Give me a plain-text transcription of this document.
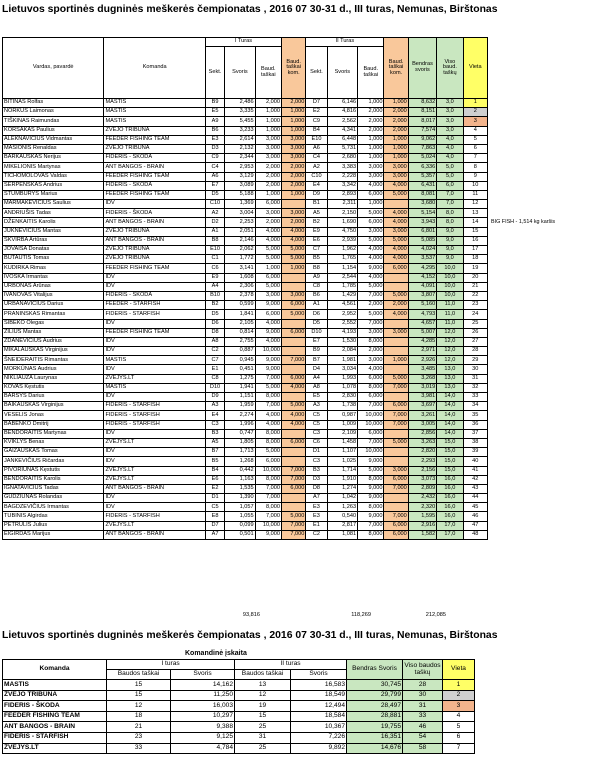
Lietuvos sportinės dugninės meškerės čempionatas , 2016 07 30-31 d., III turas, Nemunas, Birštonas
Vardas, pavardė	Komanda	I Turas			Baud. taškai kom.	II Turas			Baud. taškai kom.	Bendras svoris	Viso baud. taškų	Vieta
		Sekt.	Svoris	Baud. taškai		Sekt.	Svoris	Baud. taškai				
BITINAS Rolfas	MASTIS	B9	2,486	2,000	2,000	D7	6,146	1,000	1,000	8,632	3,0	1
NORKUS Laimonas	MASTIS	E5	3,335	1,000	1,000	E2	4,816	2,000	2,000	8,151	3,0	2
TIŠKINAS Raimundas	MASTIS	A9	5,455	1,000	1,000	C9	2,562	2,000	2,000	8,017	3,0	3
KORSAKAS Paulius	ŽVEJO TRIBŪNA	B6	3,233	1,000	1,000	B4	4,341	2,000	2,000	7,574	3,0	4
ALEKNAVIČIUS Vidmantas	FEEDER FISHING TEAM	E3	2,614	3,000	3,000	E10	6,448	1,000	1,000	9,062	4,0	5
MASIONIS Renaldas	ŽVEJO TRIBŪNA	D3	2,132	3,000	3,000	A6	5,731	1,000	1,000	7,863	4,0	6
BARKAUSKAS Nerijus	FIDERIS - ŠKODA	C9	2,344	3,000	3,000	C4	2,680	1,000	1,000	5,024	4,0	7
MIKELIONIS Martynas	ANT BANGOS - BRAIN	C4	2,953	2,000	2,000	A2	3,383	3,000	3,000	6,336	5,0	8
TICHOMOLOVAS Valdas	FEEDER FISHING TEAM	A6	3,129	2,000	2,000	C10	2,228	3,000	3,000	5,357	5,0	9
ŠERPENSKAS Andrius	FIDERIS - ŠKODA	E7	3,089	2,000	2,000	E4	3,342	4,000	4,000	6,431	6,0	10
STUMBURYS Marius	FEEDER FISHING TEAM	D5	5,188	1,000	1,000	D9	2,893	6,000	5,000	8,081	7,0	11
MARMAKEVIČIUS Saulius	IDV	C10	1,369	6,000		B1	2,311	1,000		3,680	7,0	12
ANDRIUŠIS Tadas	FIDERIS - ŠKODA	A2	3,004	3,000	3,000	A5	2,150	5,000	4,000	5,154	8,0	13
DŽENKAITIS Karolis	ANT BANGOS - BRAIN	D2	2,253	2,000	2,000	B2	1,690	6,000	4,000	3,943	8,0	14
JUKNEVIČIUS Mantas	ŽVEJO TRIBŪNA	A1	2,051	4,000	4,000	E9	4,750	3,000	3,000	6,801	9,0	15
SKVIRBA Artūras	ANT BANGOS - BRAIN	B8	2,146	4,000	4,000	E6	2,939	5,000	5,000	5,085	9,0	16
JOVAIŠA Donatas	ŽVEJO TRIBŪNA	E10	2,062	5,000	5,000	C7	1,962	4,000	4,000	4,024	9,0	17
BUTAUTIS Tomas	ŽVEJO TRIBŪNA	C1	1,772	5,000	5,000	B5	1,765	4,000	4,000	3,537	9,0	18
KUDIRKA Rimas	FEEDER FISHING TEAM	C6	3,141	1,000	1,000	B8	1,154	9,000	6,000	4,295	10,0	19
IVOŠKA Irmantas	IDV	E9	1,608	6,000		A9	2,544	4,000		4,152	10,0	20
URBONAS Arūnas	IDV	A4	2,306	5,000		C8	1,785	5,000		4,091	10,0	21
IVANOVAS Vitalijus	FIDERIS - ŠKODA	B10	2,378	3,000	3,000	B6	1,429	7,000	5,000	3,807	10,0	22
URBANAVIČIUS Darius	FEEDER - STARFISH	B2	0,599	9,000	6,000	A1	4,561	2,000	2,000	5,160	11,0	23
PRANINSKAS Rimantas	FIDERIS - STARFISH	D5	1,841	6,000	5,000	D6	2,952	5,000	4,000	4,793	11,0	24
ŠIBEKO Olegas	IDV	D6	2,105	4,000		D5	2,552	7,000		4,657	11,0	25
ŽILIUS Mantas	FEEDER FISHING TEAM	D8	0,814	9,000	6,000	D10	4,193	3,000	3,000	5,007	12,0	26
ZDANEVIČIUS Audrius	IDV	A8	2,755	4,000		E7	1,530	8,000		4,285	12,0	27
MIKALAUSKAS Virginijus	IDV	C2	0,887	10,000		B9	2,084	2,000		2,971	12,0	28
ŠNEIDERAITIS Rimantas	MASTIS	C7	0,945	9,000	7,000	B7	1,981	3,000	1,000	2,926	12,0	29
MORKŪNAS Audrius	IDV	E1	0,451	9,000		D4	3,034	4,000		3,485	13,0	30
NIKLIAUZA Laurynas	ŽVEJYS.LT	C8	1,275	7,000	6,000	A4	1,993	6,000	5,000	3,268	13,0	31
KOVAS Kęstutis	MASTIS	D10	1,941	5,000	4,000	A8	1,078	8,000	7,000	3,019	13,0	32
BARŠYS Darius	IDV	D9	1,151	8,000		E5	2,830	6,000		3,981	14,0	33
BAIKAUSKAS Virginijus	FIDERIS - STARFISH	A3	1,959	7,000	5,000	A3	1,738	7,000	6,000	3,697	14,0	34
VESELIS Jonas	FIDERIS - STARFISH	E4	2,274	4,000	4,000	C5	0,987	10,000	7,000	3,261	14,0	35
BABENKO Dmitrij	FIDERIS - STARFISH	C3	1,996	4,000	4,000	C5	1,009	10,000	7,000	3,005	14,0	36
BENDORAITIS Martynas	IDV	B3	0,747	8,000		C3	2,109	6,000		2,856	14,0	37
KVIKLYS Benas	ŽVEJYS.LT	A5	1,805	8,000	6,000	C6	1,458	7,000	5,000	3,263	15,0	38
GAIŽAUSKAS Tomas	IDV	B7	1,713	5,000		D1	1,107	10,000		2,820	15,0	39
JANKEVIČIUS Ričardas	IDV	B5	1,268	6,000		C3	1,025	9,000		2,293	15,0	40
PIVORIŪNAS Kęstutis	ŽVEJYS.LT	B4	0,442	10,000	7,000	B3	1,714	5,000	3,000	2,156	15,0	41
BENDORAITIS Karolis	ŽVEJYS.LT	E6	1,163	8,000	7,000	D3	1,910	8,000	6,000	3,073	16,0	42
IGNATAVIČIUS Tadas	ANT BANGOS - BRAIN	E2	1,535	7,000	6,000	D8	1,274	9,000	7,000	2,809	16,0	43
GUDŽIŪNAS Rolandas	IDV	D1	1,390	7,000		A7	1,042	9,000		2,432	16,0	44
BAGDZEVIČIUS Irmantas	IDV	C5	1,057	8,000		E3	1,263	8,000		2,320	16,0	45
TUBINIS Algirdas	FIDERIS - STARFISH	E8	1,055	7,000	5,000	E3	0,540	9,000	7,000	1,595	16,0	46
PETRULIS Julius	ŽVEJYS.LT	D7	0,099	10,000	7,000	E1	2,817	7,000	6,000	2,916	17,0	47
EIGIRDAS Marijus	ANT BANGOS - BRAIN	A7	0,501	9,000	7,000	C2	1,081	8,000	6,000	1,582	17,0	48
BIG FISH - 1,514 kg karšis
93,816	118,269	212,085
Lietuvos sportinės dugninės meškerės čempionatas , 2016 07 30-31 d., III turas, Nemunas, Birštonas
Komandinė įskaita
Komanda	I turas		II turas		Bendras Svoris	Viso baudos taškų	Vieta
	Baudos taškai	Svoris	Baudos taškai	Svoris			
MASTIS	15	14,162	13	16,583	30,745	28	1
ŽVEJO TRIBŪNA	15	11,250	12	18,549	29,799	30	2
FIDERIS - ŠKODA	12	16,003	19	12,494	28,497	31	3
FEEDER FISHING TEAM	18	10,297	15	18,584	28,881	33	4
ANT BANGOS - BRAIN	21	9,388	25	10,367	19,755	46	5
FIDERIS - STARFISH	23	9,125	31	7,226	16,351	54	6
ŽVEJYS.LT	33	4,784	25	9,892	14,676	58	7
